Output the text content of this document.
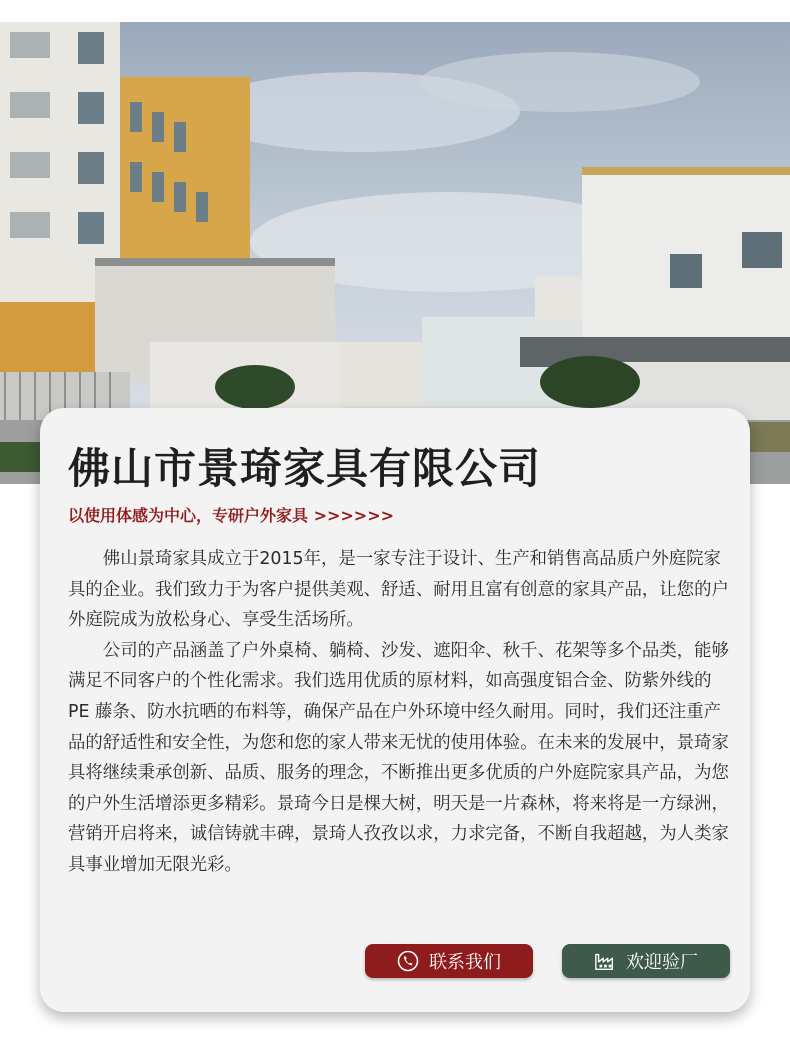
佛山市景琦家具有限公司
以使用体感为中心，专研户外家具 >>>>>>

佛山景琦家具成立于2015年，是一家专注于设计、生产和销售高品质户外庭院家具的企业。我们致力于为客户提供美观、舒适、耐用且富有创意的家具产品，让您的户外庭院成为放松身心、享受生活场所。

公司的产品涵盖了户外桌椅、躺椅、沙发、遮阳伞、秋千、花架等多个品类，能够满足不同客户的个性化需求。我们选用优质的原材料，如高强度铝合金、防紫外线的PE 藤条、防水抗晒的布料等，确保产品在户外环境中经久耐用。同时，我们还注重产品的舒适性和安全性，为您和您的家人带来无忧的使用体验。在未来的发展中，景琦家具将继续秉承创新、品质、服务的理念，不断推出更多优质的户外庭院家具产品，为您的户外生活增添更多精彩。景琦今日是棵大树，明天是一片森林，将来将是一方绿洲，营销开启将来，诚信铸就丰碑，景琦人孜孜以求，力求完备，不断自我超越，为人类家具事业增加无限光彩。

联系我们	欢迎验厂
